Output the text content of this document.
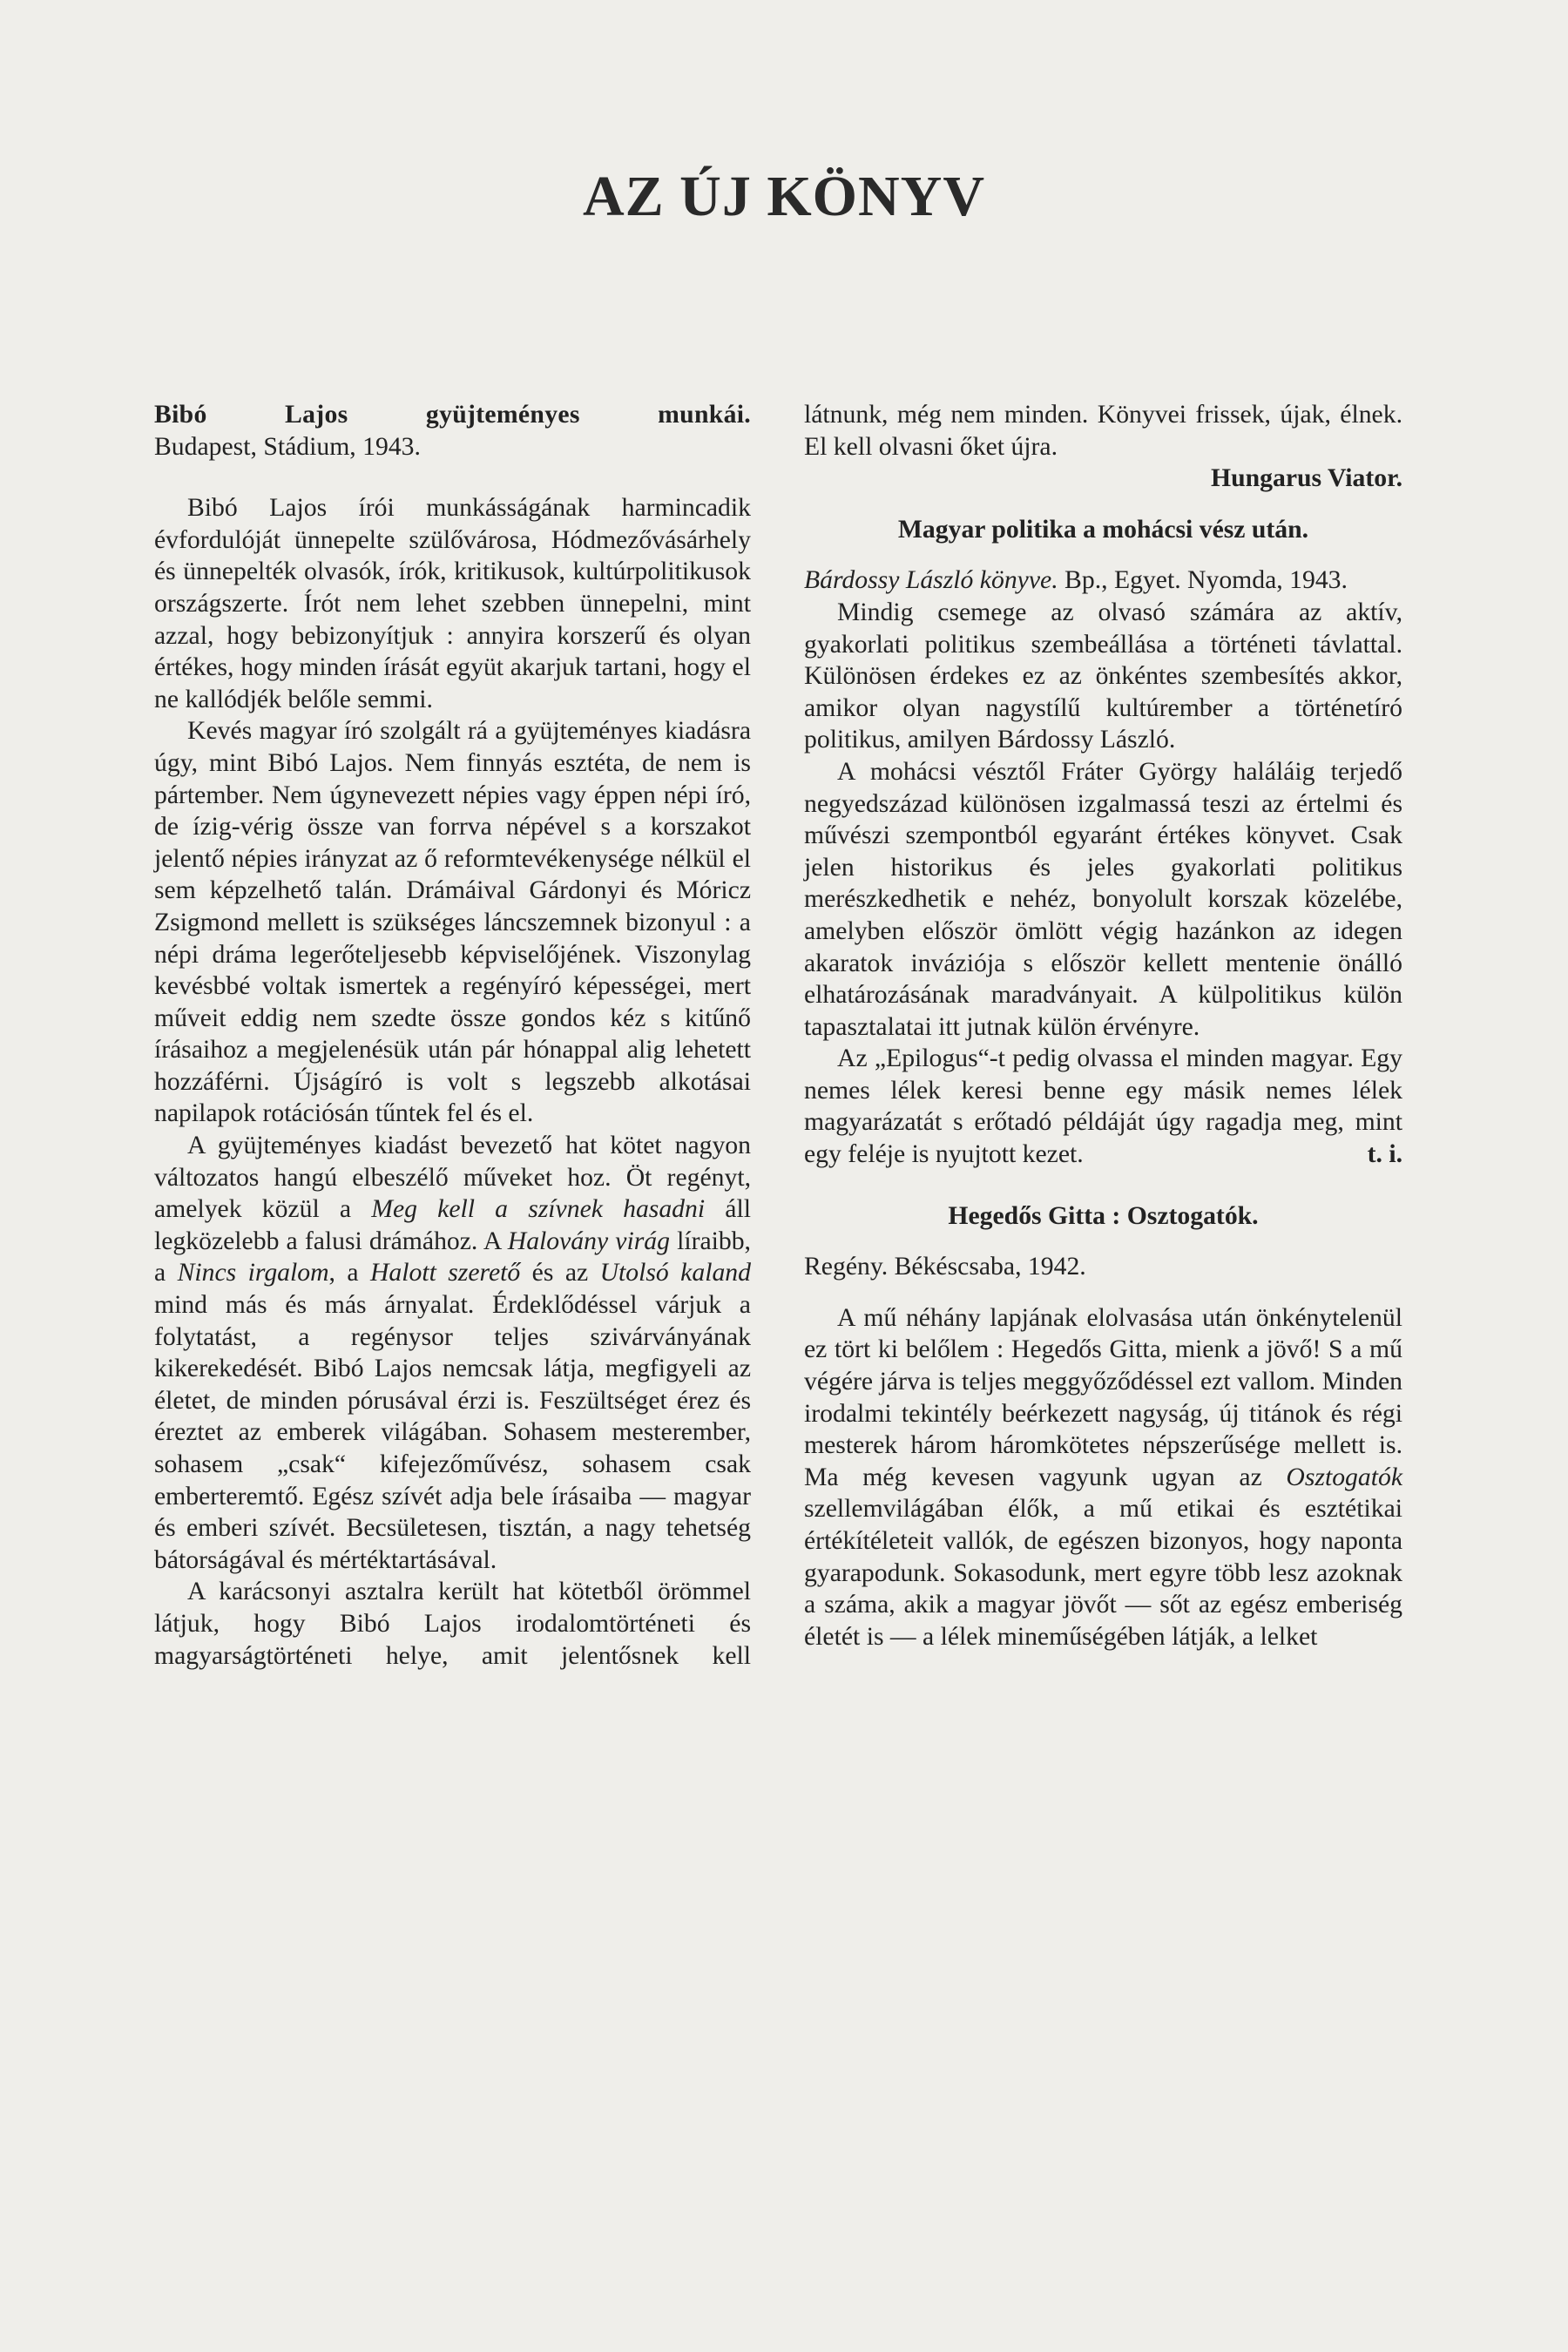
AZ ÚJ KÖNYV

Bibó Lajos gyüjteményes munkái.

Budapest, Stádium, 1943.

Bibó Lajos írói munkásságának harmincadik évfordulóját ünnepelte szülővárosa, Hódmezővásárhely és ünnepelték olvasók, írók, kritikusok, kultúrpolitikusok országszerte. Írót nem lehet szebben ünnepelni, mint azzal, hogy bebizonyítjuk : annyira korszerű és olyan értékes, hogy minden írását együt akarjuk tartani, hogy el ne kallódjék belőle semmi.

Kevés magyar író szolgált rá a gyüjteményes kiadásra úgy, mint Bibó Lajos. Nem finnyás esztéta, de nem is pártember. Nem úgynevezett népies vagy éppen népi író, de ízig-vérig össze van forrva népével s a korszakot jelentő népies irányzat az ő reformtevékenysége nélkül el sem képzelhető talán. Drámáival Gárdonyi és Móricz Zsigmond mellett is szükséges láncszemnek bizonyul : a népi dráma legerőteljesebb képviselőjének. Viszonylag kevésbbé voltak ismertek a regényíró képességei, mert műveit eddig nem szedte össze gondos kéz s kitűnő írásaihoz a megjelenésük után pár hónappal alig lehetett hozzáférni. Újságíró is volt s legszebb alkotásai napilapok rotációsán tűntek fel és el.

A gyüjteményes kiadást bevezető hat kötet nagyon változatos hangú elbeszélő műveket hoz. Öt regényt, amelyek közül a Meg kell a szívnek hasadni áll legközelebb a falusi drámához. A Halovány virág líraibb, a Nincs irgalom, a Halott szerető és az Utolsó kaland mind más és más árnyalat. Érdeklődéssel várjuk a folytatást, a regénysor teljes szivárványának kikerekedését. Bibó Lajos nemcsak látja, megfigyeli az életet, de minden pórusával érzi is. Feszültséget érez és éreztet az emberek világában. Sohasem mesterember, sohasem „csak“ kifejezőművész, sohasem csak emberteremtő. Egész szívét adja bele írásaiba — magyar és emberi szívét. Becsületesen, tisztán, a nagy tehetség bátorságával és mértéktartásával.

A karácsonyi asztalra került hat kötetből örömmel látjuk, hogy Bibó Lajos irodalomtörténeti és magyarságtörténeti helye, amit jelentősnek kell

látnunk, még nem minden. Könyvei frissek, újak, élnek. El kell olvasni őket újra.

Hungarus Viator.

Magyar politika a mohácsi vész után.

Bárdossy László könyve. Bp., Egyet. Nyomda, 1943.

Mindig csemege az olvasó számára az aktív, gyakorlati politikus szembeállása a történeti távlattal. Különösen érdekes ez az önkéntes szembesítés akkor, amikor olyan nagystílű kultúrember a történetíró politikus, amilyen Bárdossy László.

A mohácsi vésztől Fráter György haláláig terjedő negyedszázad különösen izgalmassá teszi az értelmi és művészi szempontból egyaránt értékes könyvet. Csak jelen historikus és jeles gyakorlati politikus merészkedhetik e nehéz, bonyolult korszak közelébe, amelyben először ömlött végig hazánkon az idegen akaratok inváziója s először kellett mentenie önálló elhatározásának maradványait. A külpolitikus külön tapasztalatai itt jutnak külön érvényre.

Az „Epilogus“-t pedig olvassa el minden magyar. Egy nemes lélek keresi benne egy másik nemes lélek magyarázatát s erőtadó példáját úgy ragadja meg, mint egy feléje is nyujtott kezet.	t. i.

Hegedős Gitta : Osztogatók.

Regény. Békéscsaba, 1942.

A mű néhány lapjának elolvasása után önkénytelenül ez tört ki belőlem : Hegedős Gitta, mienk a jövő! S a mű végére járva is teljes meggyőződéssel ezt vallom. Minden irodalmi tekintély beérkezett nagyság, új titánok és régi mesterek három háromkötetes népszerűsége mellett is. Ma még kevesen vagyunk ugyan az Osztogatók szellemvilágában élők, a mű etikai és esztétikai értékítéleteit vallók, de egészen bizonyos, hogy naponta gyarapodunk. Sokasodunk, mert egyre több lesz azoknak a száma, akik a magyar jövőt — sőt az egész emberiség életét is — a lélek mineműségében látják, a lelket
